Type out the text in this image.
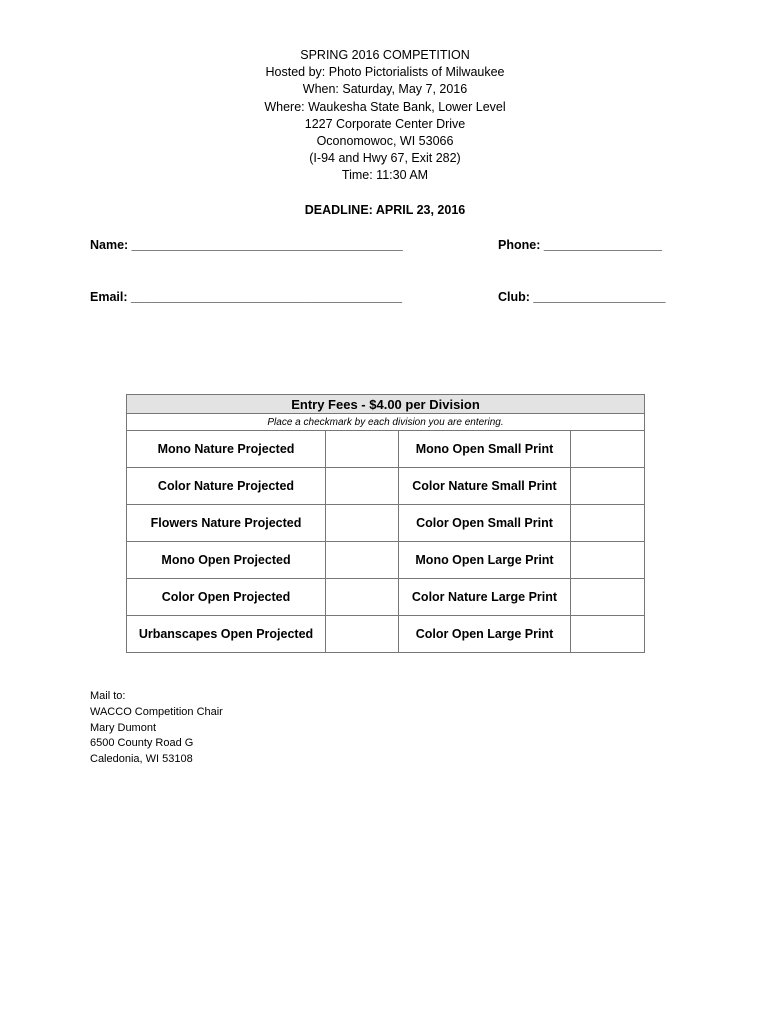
SPRING 2016 COMPETITION
Hosted by: Photo Pictorialists of Milwaukee
When: Saturday, May 7, 2016
Where: Waukesha State Bank, Lower Level
1227 Corporate Center Drive
Oconomowoc, WI 53066
(I-94 and Hwy 67, Exit 282)
Time: 11:30 AM
DEADLINE: APRIL 23, 2016
Name: _______________________________________	Phone: _________________
Email: _______________________________________	Club: ___________________
Entry Fees - $4.00 per Division			
Place a checkmark by each division you are entering.			
Mono Nature Projected		Mono Open Small Print	
Color Nature Projected		Color Nature Small Print	
Flowers Nature Projected		Color Open Small Print	
Mono Open Projected		Mono Open Large Print	
Color Open Projected		Color Nature Large Print	
Urbanscapes Open Projected		Color Open Large Print	
Mail to:
WACCO Competition Chair
Mary Dumont
6500 County Road G
Caledonia, WI 53108
